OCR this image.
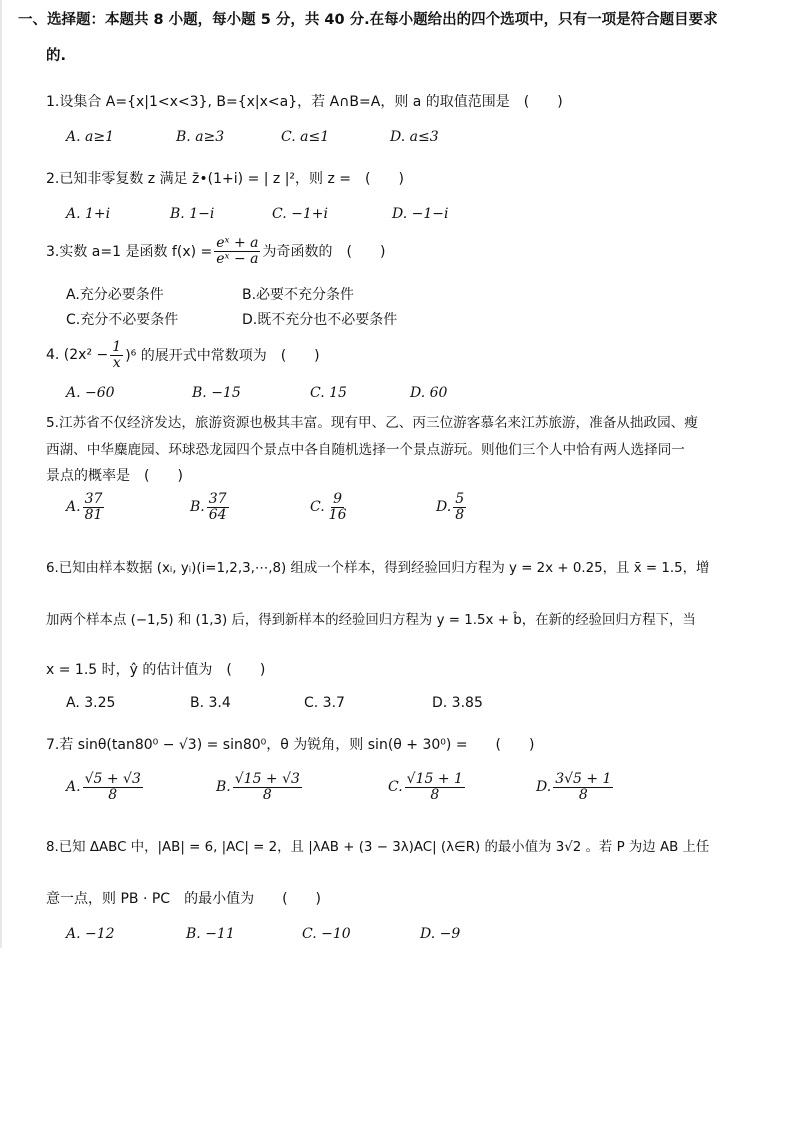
一、选择题：本题共 8 小题，每小题 5 分，共 40 分.在每小题给出的四个选项中，只有一项是符合题目要求
的.
1.设集合 A={x|1<x<3}, B={x|x<a}，若 A∩B=A，则 a 的取值范围是　(　　)
A. a≥1	B. a≥3	C. a≤1	D. a≤3
2.已知非零复数 z 满足 z̄•(1+i) = | z |²，则 z =　(　　)
A. 1+i	B. 1−i	C. −1+i	D. −1−i
3.实数 a=1 是函数 $f(x) = \frac{\text{eˣ + a}}{\text{eˣ − a}}$ 为奇函数的　(　　)
A.充分必要条件	B.必要不充分条件
C.充分不必要条件	D.既不充分也不必要条件
4. $(2x^2 - \frac{1}{x} )^6$ 的展开式中常数项为　(　　)
A. −60	B. −15	C. 15	D. 60
5.江苏省不仅经济发达，旅游资源也极其丰富。现有甲、乙、丙三位游客慕名来江苏旅游，准备从拙政园、瘦
西湖、中华麋鹿园、环球恐龙园四个景点中各自随机选择一个景点游玩。则他们三个人中恰有两人选择同一
景点的概率是　(　　)
A. $\frac{37}{81}$	B. $\frac{37}{64}$	C. $\frac{9}{16}$	D. $\frac{5}{8}$
6.已知由样本数据 (xᵢ, yᵢ)(i=1,2,3,⋯,8) 组成一个样本，得到经验回归方程为 y = 2x + 0.25，且 x̄ = 1.5，增
加两个样本点 (−1,5) 和 (1,3) 后，得到新样本的经验回归方程为 y = 1.5x + b̂，在新的经验回归方程下，当
x = 1.5 时，ŷ 的估计值为　(　　)
A. 3.25	B. 3.4	C. 3.7	D. 3.85
7.若 sinθ(tan80⁰ − √3) = sin80⁰，θ 为锐角，则 sin(θ + 30⁰) =　　(　　)
A. $\frac{√5 + √3}{8}$	B. $\frac{√15 + √3}{8}$	C. $\frac{√15 + 1}{8}$	D. $\frac{3√5 + 1}{8}$
8.已知 ΔABC 中，|AB| = 6, |AC| = 2，且 |λAB + (3 − 3λ)AC| (λ∈R) 的最小值为 3√2 。若 P 为边 AB 上任
意一点，则 PB · PC　的最小值为　　(　　)
A. −12	B. −11	C. −10	D. −9
